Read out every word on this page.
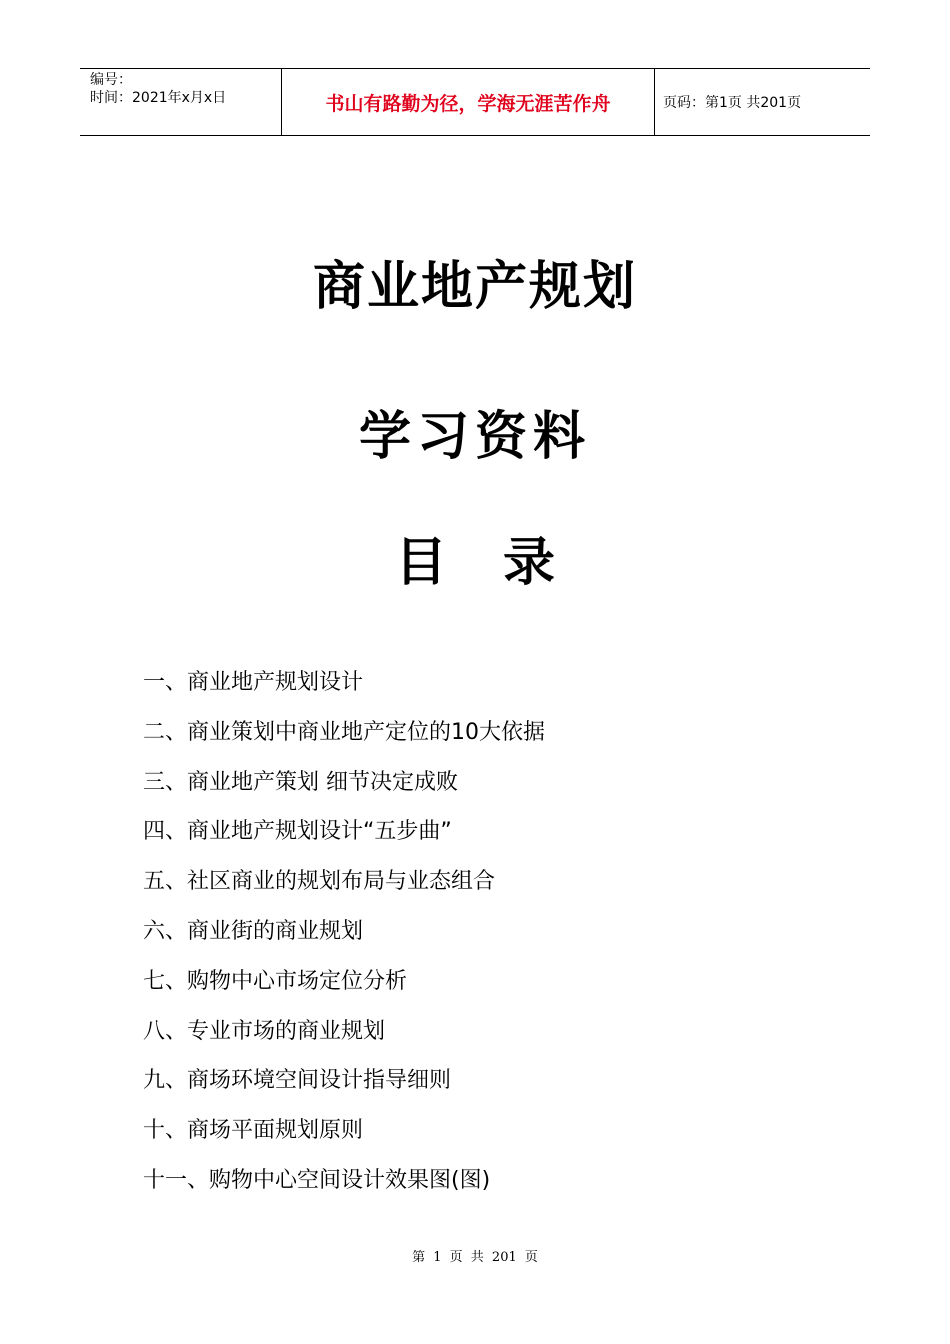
编号：
时间：2021年x月x日	书山有路勤为径，学海无涯苦作舟	页码：第1页 共201页
商业地产规划
学习资料
目 录
一、商业地产规划设计
二、商业策划中商业地产定位的10大依据
三、商业地产策划 细节决定成败
四、商业地产规划设计“五步曲”
五、社区商业的规划布局与业态组合
六、商业街的商业规划
七、购物中心市场定位分析
八、专业市场的商业规划
九、商场环境空间设计指导细则
十、商场平面规划原则
十一、购物中心空间设计效果图(图)
第 1 页 共 201 页
